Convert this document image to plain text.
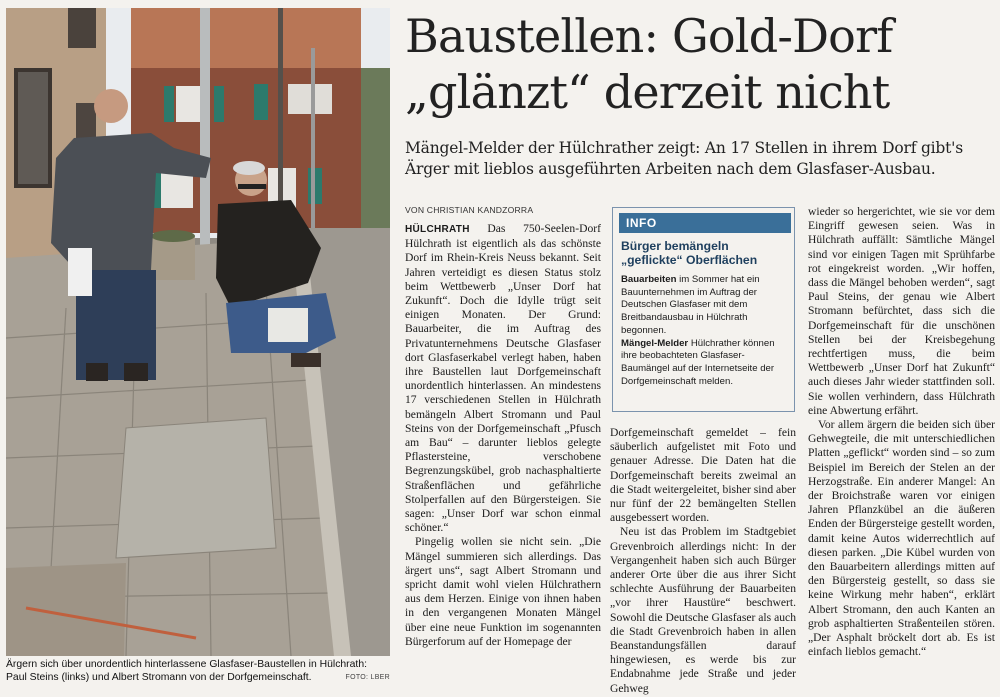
Ärgern sich über unordentlich hinterlassene Glasfaser-Baustellen in Hülchrath: Paul Steins (links) und Albert Stromann von der Dorfgemeinschaft.	FOTO: LBER
Baustellen: Gold-Dorf
„glänzt“ derzeit nicht
Mängel-Melder der Hülchrather zeigt: An 17 Stellen in ihrem Dorf gibt's Ärger mit lieblos ausgeführten Arbeiten nach dem Glasfaser-Ausbau.
VON CHRISTIAN KANDZORRA

HÜLCHRATH Das 750-Seelen-Dorf Hülchrath ist eigentlich als das schönste Dorf im Rhein-Kreis Neuss bekannt. Seit Jahren verteidigt es diesen Status stolz beim Wettbewerb „Unser Dorf hat Zukunft“. Doch die Idylle trügt seit einigen Monaten. Der Grund: Bauarbeiter, die im Auftrag des Privatunternehmens Deutsche Glasfaser dort Glasfaserkabel verlegt haben, haben ihre Baustellen laut Dorfgemeinschaft unordentlich hinterlassen. An mindestens 17 verschiedenen Stellen in Hülchrath bemängeln Albert Stromann und Paul Steins von der Dorfgemeinschaft „Pfusch am Bau“ – darunter lieblos gelegte Pflastersteine, verschobene Begrenzungskübel, grob nachasphaltierte Straßenflächen und gefährliche Stolperfallen auf den Bürgersteigen. Sie sagen: „Unser Dorf war schon einmal schöner.“

Pingelig wollen sie nicht sein. „Die Mängel summieren sich allerdings. Das ärgert uns“, sagt Albert Stromann und spricht damit wohl vielen Hülchrathern aus dem Herzen. Einige von ihnen haben in den vergangenen Monaten Mängel über eine neue Funktion im sogenannten Bürgerforum auf der Homepage der

INFO
Bürger bemängeln „geflickte“ Oberflächen
Bauarbeiten im Sommer hat ein Bauunternehmen im Auftrag der Deutschen Glasfaser mit dem Breitbandausbau in Hülchrath begonnen.
Mängel-Melder Hülchrather können ihre beobachteten Glasfaser-Baumängel auf der Internetseite der Dorfgemeinschaft melden.

Dorfgemeinschaft gemeldet – fein säuberlich aufgelistet mit Foto und genauer Adresse. Die Daten hat die Dorfgemeinschaft bereits zweimal an die Stadt weitergeleitet, bisher sind aber nur fünf der 22 bemängelten Stellen ausgebessert worden.

Neu ist das Problem im Stadtgebiet Grevenbroich allerdings nicht: In der Vergangenheit haben sich auch Bürger anderer Orte über die aus ihrer Sicht schlechte Ausführung der Bauarbeiten „vor ihrer Haustüre“ beschwert. Sowohl die Deutsche Glasfaser als auch die Stadt Grevenbroich haben in allen Beanstandungsfällen darauf hingewiesen, es werde bis zur Endabnahme jede Straße und jeder Gehweg

wieder so hergerichtet, wie sie vor dem Eingriff gewesen seien. Was in Hülchrath auffällt: Sämtliche Mängel sind vor einigen Tagen mit Sprühfarbe rot eingekreist worden. „Wir hoffen, dass die Mängel behoben werden“, sagt Paul Steins, der genau wie Albert Stromann befürchtet, dass sich die Dorfgemeinschaft für die unschönen Stellen bei der Kreisbegehung rechtfertigen muss, die beim Wettbewerb „Unser Dorf hat Zukunft“ auch dieses Jahr wieder stattfinden soll. Sie wollen verhindern, dass Hülchrath eine Abwertung erfährt.

Vor allem ärgern die beiden sich über Gehwegteile, die mit unterschiedlichen Platten „geflickt“ worden sind – so zum Beispiel im Bereich der Stelen an der Herzogstraße. Ein anderer Mangel: An der Broichstraße waren vor einigen Jahren Pflanzkübel an die äußeren Enden der Bürgersteige gestellt worden, damit keine Autos widerrechtlich auf diesen parken. „Die Kübel wurden von den Bauarbeitern allerdings mitten auf den Bürgersteig gestellt, so dass sie keine Wirkung mehr haben“, erklärt Albert Stromann, den auch Kanten an grob asphaltierten Straßenteilen stören. „Der Asphalt bröckelt dort ab. Es ist einfach lieblos gemacht.“
